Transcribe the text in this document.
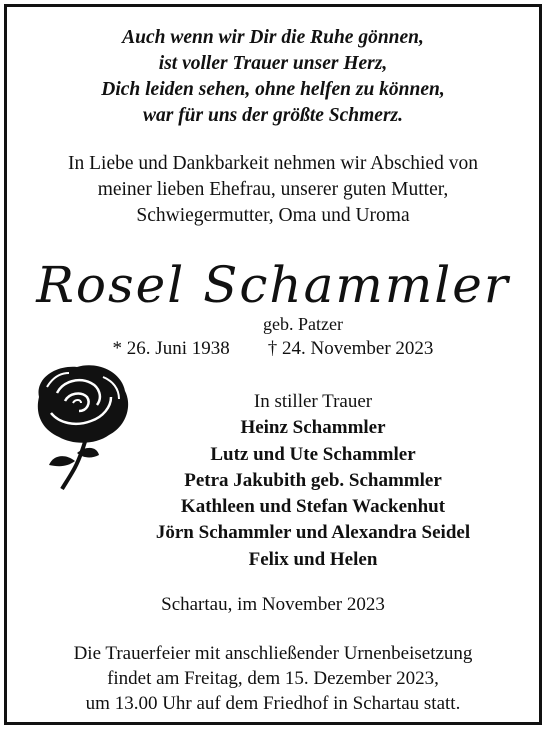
Auch wenn wir Dir die Ruhe gönnen,
ist voller Trauer unser Herz,
Dich leiden sehen, ohne helfen zu können,
war für uns der größte Schmerz.
In Liebe und Dankbarkeit nehmen wir Abschied von
meiner lieben Ehefrau, unserer guten Mutter,
Schwiegermutter, Oma und Uroma
Rosel Schammler
geb. Patzer
* 26. Juni 1938 † 24. November 2023
In stiller Trauer
Heinz Schammler
Lutz und Ute Schammler
Petra Jakubith geb. Schammler
Kathleen und Stefan Wackenhut
Jörn Schammler und Alexandra Seidel
Felix und Helen
Schartau, im November 2023
Die Trauerfeier mit anschließender Urnenbeisetzung
findet am Freitag, dem 15. Dezember 2023,
um 13.00 Uhr auf dem Friedhof in Schartau statt.
